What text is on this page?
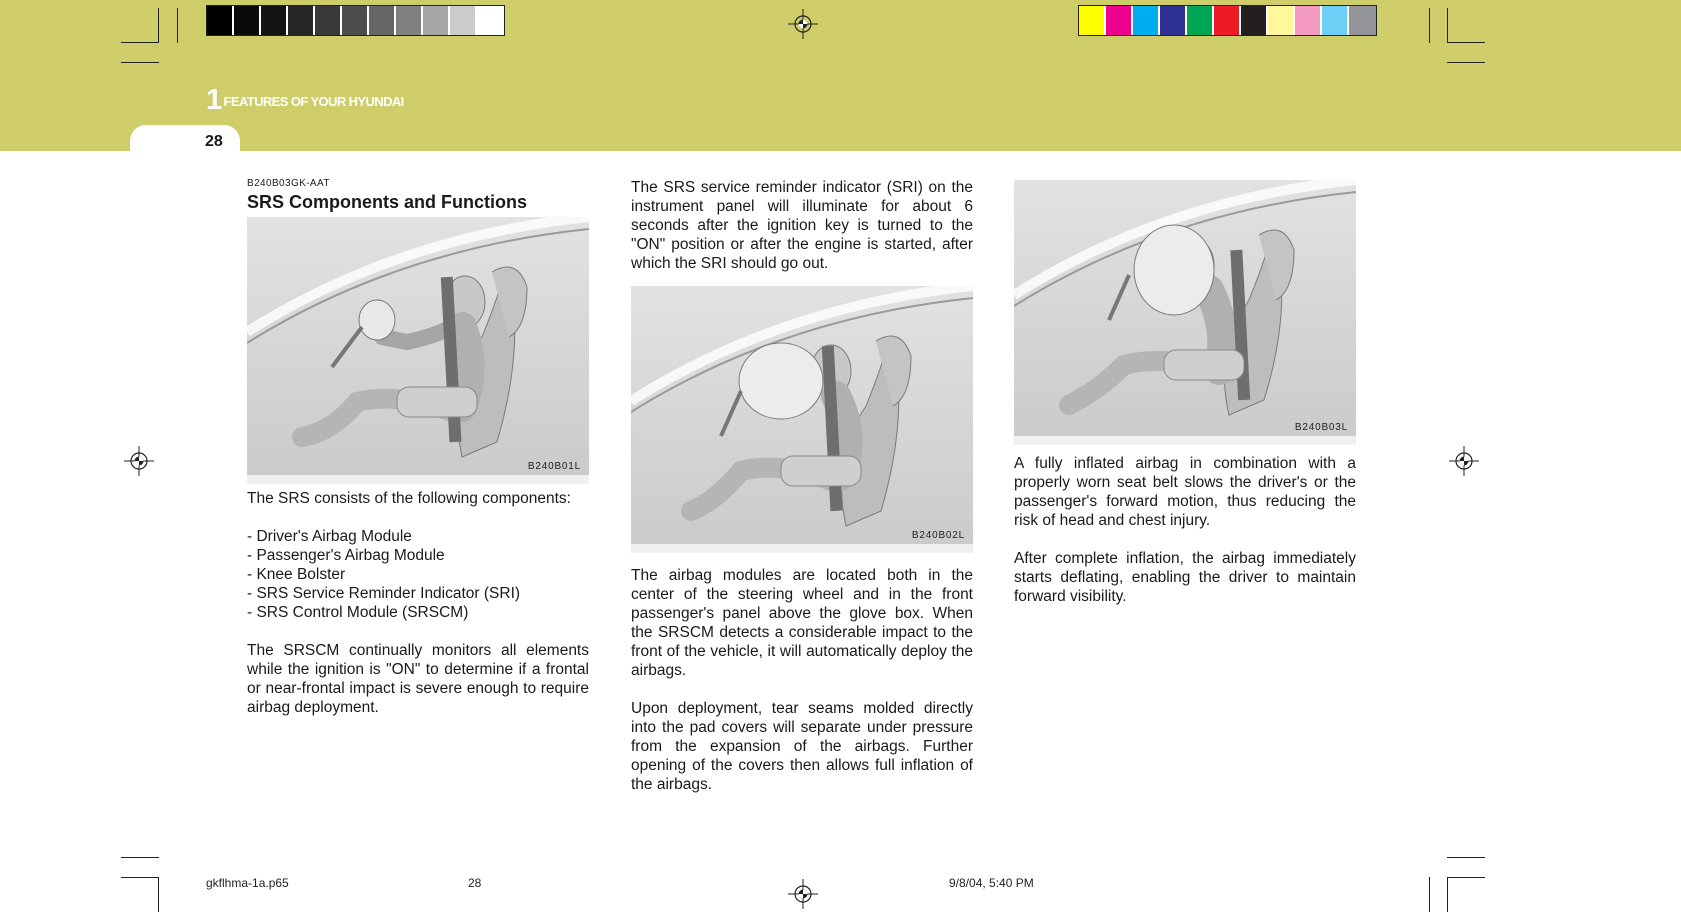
28
1 FEATURES OF YOUR HYUNDAI
B240B03GK-AAT
SRS Components and Functions
B240B01L

The SRS consists of the following components:

- Driver's Airbag Module
- Passenger's Airbag Module
- Knee Bolster
- SRS Service Reminder Indicator (SRI)
- SRS Control Module (SRSCM)

The SRSCM continually monitors all elements while the ignition is "ON" to determine if a frontal or near-frontal impact is severe enough to require airbag deployment.

The SRS service reminder indicator (SRI) on the instrument panel will illuminate for about 6 seconds after the ignition key is turned to the "ON" position or after the engine is started, after which the SRI should go out.
B240B02L

The airbag modules are located both in the center of the steering wheel and in the front passenger's panel above the glove box. When the SRSCM detects a considerable impact to the front of the vehicle, it will automatically deploy the airbags.

Upon deployment, tear seams molded directly into the pad covers will separate under pressure from the expansion of the airbags. Further opening of the covers then allows full inflation of the airbags.

B240B03L

A fully inflated airbag in combination with a properly worn seat belt slows the driver's or the passenger's forward motion, thus reducing the risk of head and chest injury.

After complete inflation, the airbag immediately starts deflating, enabling the driver to maintain forward visibility.

gkflhma-1a.p65	28	9/8/04, 5:40 PM
